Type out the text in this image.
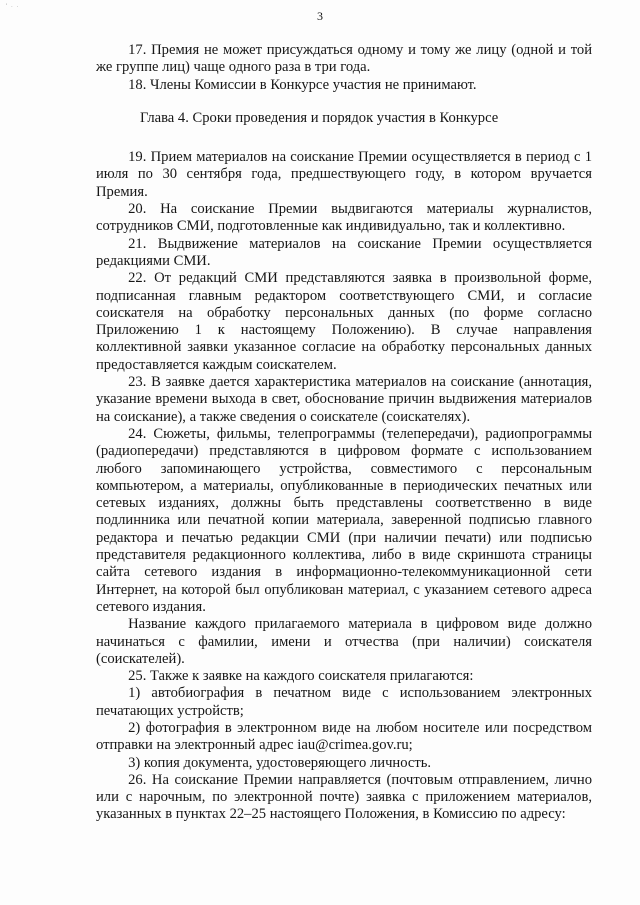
' · ·
3

17. Премия не может присуждаться одному и тому же лицу (одной и той же группе лиц) чаще одного раза в три года.

18. Члены Комиссии в Конкурсе участия не принимают.

Глава 4. Сроки проведения и порядок участия в Конкурсе

19. Прием материалов на соискание Премии осуществляется в период с 1 июля по 30 сентября года, предшествующего году, в котором вручается Премия.

20. На соискание Премии выдвигаются материалы журналистов, сотрудников СМИ, подготовленные как индивидуально, так и коллективно.

21. Выдвижение материалов на соискание Премии осуществляется редакциями СМИ.

22. От редакций СМИ представляются заявка в произвольной форме, подписанная главным редактором соответствующего СМИ, и согласие соискателя на обработку персональных данных (по форме согласно Приложению 1 к настоящему Положению). В случае направления коллективной заявки указанное согласие на обработку персональных данных предоставляется каждым соискателем.

23. В заявке дается характеристика материалов на соискание (аннотация, указание времени выхода в свет, обоснование причин выдвижения материалов на соискание), а также сведения о соискателе (соискателях).

24. Сюжеты, фильмы, телепрограммы (телепередачи), радиопрограммы (радиопередачи) представляются в цифровом формате с использованием любого запоминающего устройства, совместимого с персональным компьютером, а материалы, опубликованные в периодических печатных или сетевых изданиях, должны быть представлены соответственно в виде подлинника или печатной копии материала, заверенной подписью главного редактора и печатью редакции СМИ (при наличии печати) или подписью представителя редакционного коллектива, либо в виде скриншота страницы сайта сетевого издания в информационно-телекоммуникационной сети Интернет, на которой был опубликован материал, с указанием сетевого адреса сетевого издания.

Название каждого прилагаемого материала в цифровом виде должно начинаться с фамилии, имени и отчества (при наличии) соискателя (соискателей).

25. Также к заявке на каждого соискателя прилагаются:

1) автобиография в печатном виде с использованием электронных печатающих устройств;

2) фотография в электронном виде на любом носителе или посредством отправки на электронный адрес iau@crimea.gov.ru;

3) копия документа, удостоверяющего личность.

26. На соискание Премии направляется (почтовым отправлением, лично или с нарочным, по электронной почте) заявка с приложением материалов, указанных в пунктах 22–25 настоящего Положения, в Комиссию по адресу:
